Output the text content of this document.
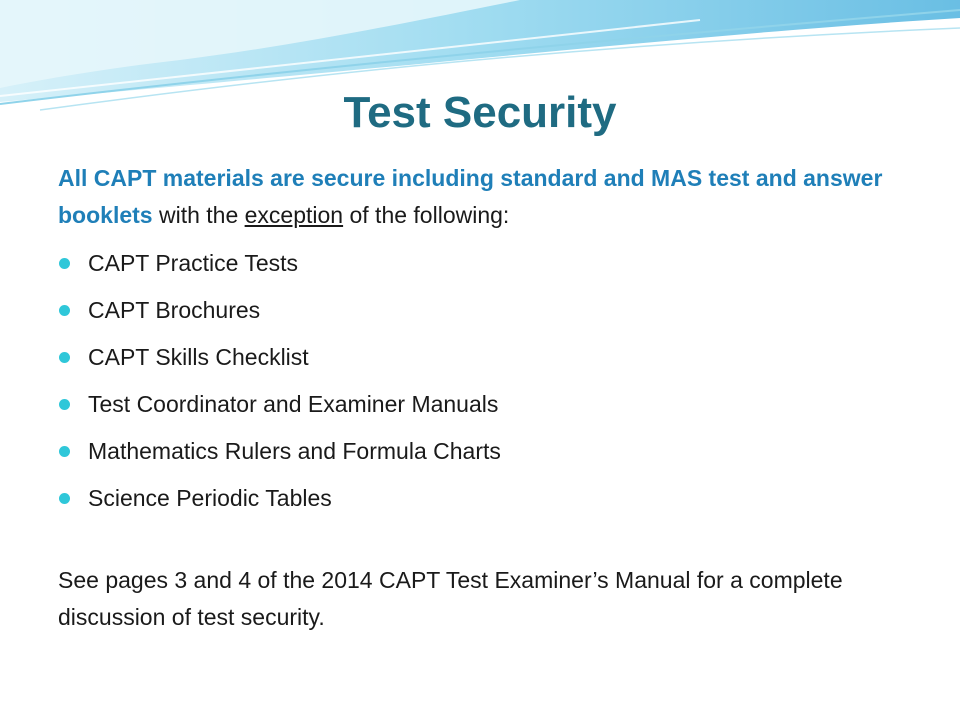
Test Security

All CAPT materials are secure including standard and MAS test and answer booklets with the exception of the following:

CAPT Practice Tests
CAPT Brochures
CAPT Skills Checklist
Test Coordinator and Examiner Manuals
Mathematics Rulers and Formula Charts
Science Periodic Tables

See pages 3 and 4 of the 2014 CAPT Test Examiner’s Manual for a complete discussion of test security.
